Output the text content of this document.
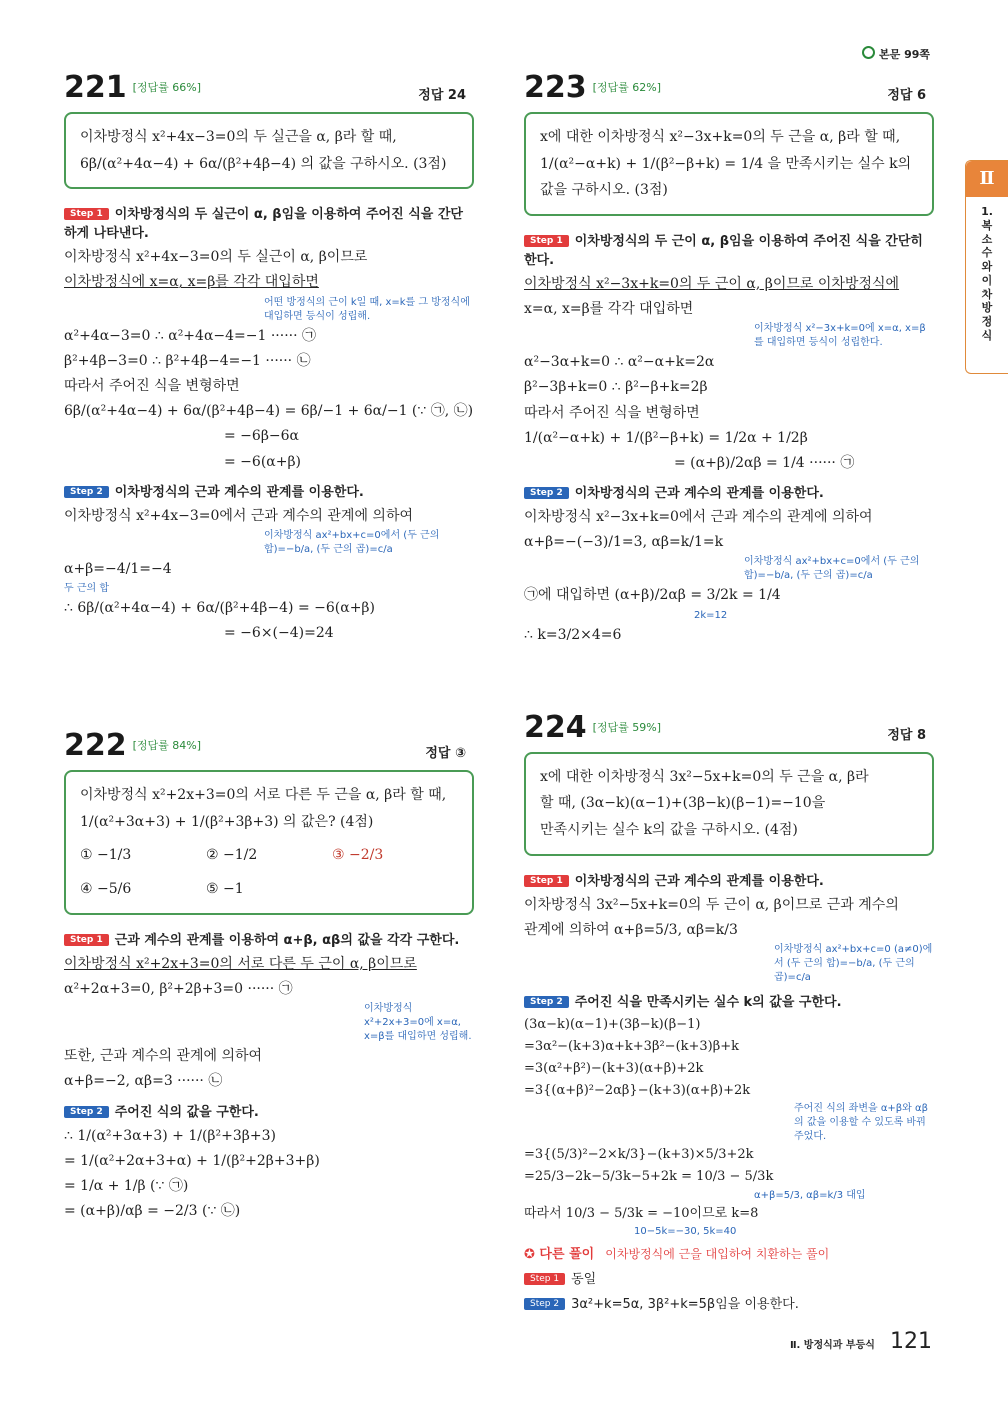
본문 99쪽
Ⅱ
1. 복소수와 이차방정식
221 [정답률 66%]
정답 24
이차방정식 x²+4x−3=0의 두 실근을 α, β라 할 때,
6β/(α²+4α−4) + 6α/(β²+4β−4) 의 값을 구하시오. (3점)
Step 1 이차방정식의 두 실근이 α, β임을 이용하여 주어진 식을 간단하게 나타낸다.
이차방정식 x²+4x−3=0의 두 실근이 α, β이므로
이차방정식에 x=α, x=β를 각각 대입하면
어떤 방정식의 근이 k일 때, x=k를 그 방정식에 대입하면 등식이 성립해.
α²+4α−3=0 ∴ α²+4α−4=−1 ······ ㉠
β²+4β−3=0 ∴ β²+4β−4=−1 ······ ㉡
따라서 주어진 식을 변형하면
6β/(α²+4α−4) + 6α/(β²+4β−4) = 6β/−1 + 6α/−1 (∵ ㉠, ㉡)
= −6β−6α
= −6(α+β)
Step 2 이차방정식의 근과 계수의 관계를 이용한다.
이차방정식 x²+4x−3=0에서 근과 계수의 관계에 의하여
이차방정식 ax²+bx+c=0에서 (두 근의 합)=−b/a, (두 근의 곱)=c/a
α+β=−4/1=−4
두 근의 합
∴ 6β/(α²+4α−4) + 6α/(β²+4β−4) = −6(α+β)
= −6×(−4)=24
222 [정답률 84%]
정답 ③
이차방정식 x²+2x+3=0의 서로 다른 두 근을 α, β라 할 때,
1/(α²+3α+3) + 1/(β²+3β+3) 의 값은? (4점)
① −1/3	② −1/2	③ −2/3
④ −5/6	⑤ −1
Step 1 근과 계수의 관계를 이용하여 α+β, αβ의 값을 각각 구한다.
이차방정식 x²+2x+3=0의 서로 다른 두 근이 α, β이므로
α²+2α+3=0, β²+2β+3=0 ······ ㉠
이차방정식 x²+2x+3=0에 x=α, x=β를 대입하면 성립해.
또한, 근과 계수의 관계에 의하여
α+β=−2, αβ=3 ······ ㉡
Step 2 주어진 식의 값을 구한다.
∴ 1/(α²+3α+3) + 1/(β²+3β+3)
= 1/(α²+2α+3+α) + 1/(β²+2β+3+β)
= 1/α + 1/β (∵ ㉠)
= (α+β)/αβ = −2/3 (∵ ㉡)
223 [정답률 62%]
정답 6
x에 대한 이차방정식 x²−3x+k=0의 두 근을 α, β라 할 때,
1/(α²−α+k) + 1/(β²−β+k) = 1/4 을 만족시키는 실수 k의 값을 구하시오. (3점)
Step 1 이차방정식의 두 근이 α, β임을 이용하여 주어진 식을 간단히 한다.
이차방정식 x²−3x+k=0의 두 근이 α, β이므로 이차방정식에
x=α, x=β를 각각 대입하면
이차방정식 x²−3x+k=0에 x=α, x=β를 대입하면 등식이 성립한다.
α²−3α+k=0 ∴ α²−α+k=2α
β²−3β+k=0 ∴ β²−β+k=2β
따라서 주어진 식을 변형하면
1/(α²−α+k) + 1/(β²−β+k) = 1/2α + 1/2β
= (α+β)/2αβ = 1/4 ······ ㉠
Step 2 이차방정식의 근과 계수의 관계를 이용한다.
이차방정식 x²−3x+k=0에서 근과 계수의 관계에 의하여
α+β=−(−3)/1=3, αβ=k/1=k
이차방정식 ax²+bx+c=0에서 (두 근의 합)=−b/a, (두 근의 곱)=c/a
㉠에 대입하면 (α+β)/2αβ = 3/2k = 1/4
2k=12
∴ k=3/2×4=6
224 [정답률 59%]
정답 8
x에 대한 이차방정식 3x²−5x+k=0의 두 근을 α, β라
할 때, (3α−k)(α−1)+(3β−k)(β−1)=−10을
만족시키는 실수 k의 값을 구하시오. (4점)
Step 1 이차방정식의 근과 계수의 관계를 이용한다.
이차방정식 3x²−5x+k=0의 두 근이 α, β이므로 근과 계수의
관계에 의하여 α+β=5/3, αβ=k/3
이차방정식 ax²+bx+c=0 (a≠0)에서 (두 근의 합)=−b/a, (두 근의 곱)=c/a
Step 2 주어진 식을 만족시키는 실수 k의 값을 구한다.
(3α−k)(α−1)+(3β−k)(β−1)
=3α²−(k+3)α+k+3β²−(k+3)β+k
=3(α²+β²)−(k+3)(α+β)+2k
=3{(α+β)²−2αβ}−(k+3)(α+β)+2k
주어진 식의 좌변을 α+β와 αβ의 값을 이용할 수 있도록 바꿔주었다.
=3{(5/3)²−2×k/3}−(k+3)×5/3+2k
=25/3−2k−5/3k−5+2k = 10/3 − 5/3k
α+β=5/3, αβ=k/3 대입
따라서 10/3 − 5/3k = −10이므로 k=8
10−5k=−30, 5k=40
✪ 다른 풀이 이차방정식에 근을 대입하여 치환하는 풀이
Step 1 동일
Step 2 3α²+k=5α, 3β²+k=5β임을 이용한다.
Ⅱ. 방정식과 부등식 121
